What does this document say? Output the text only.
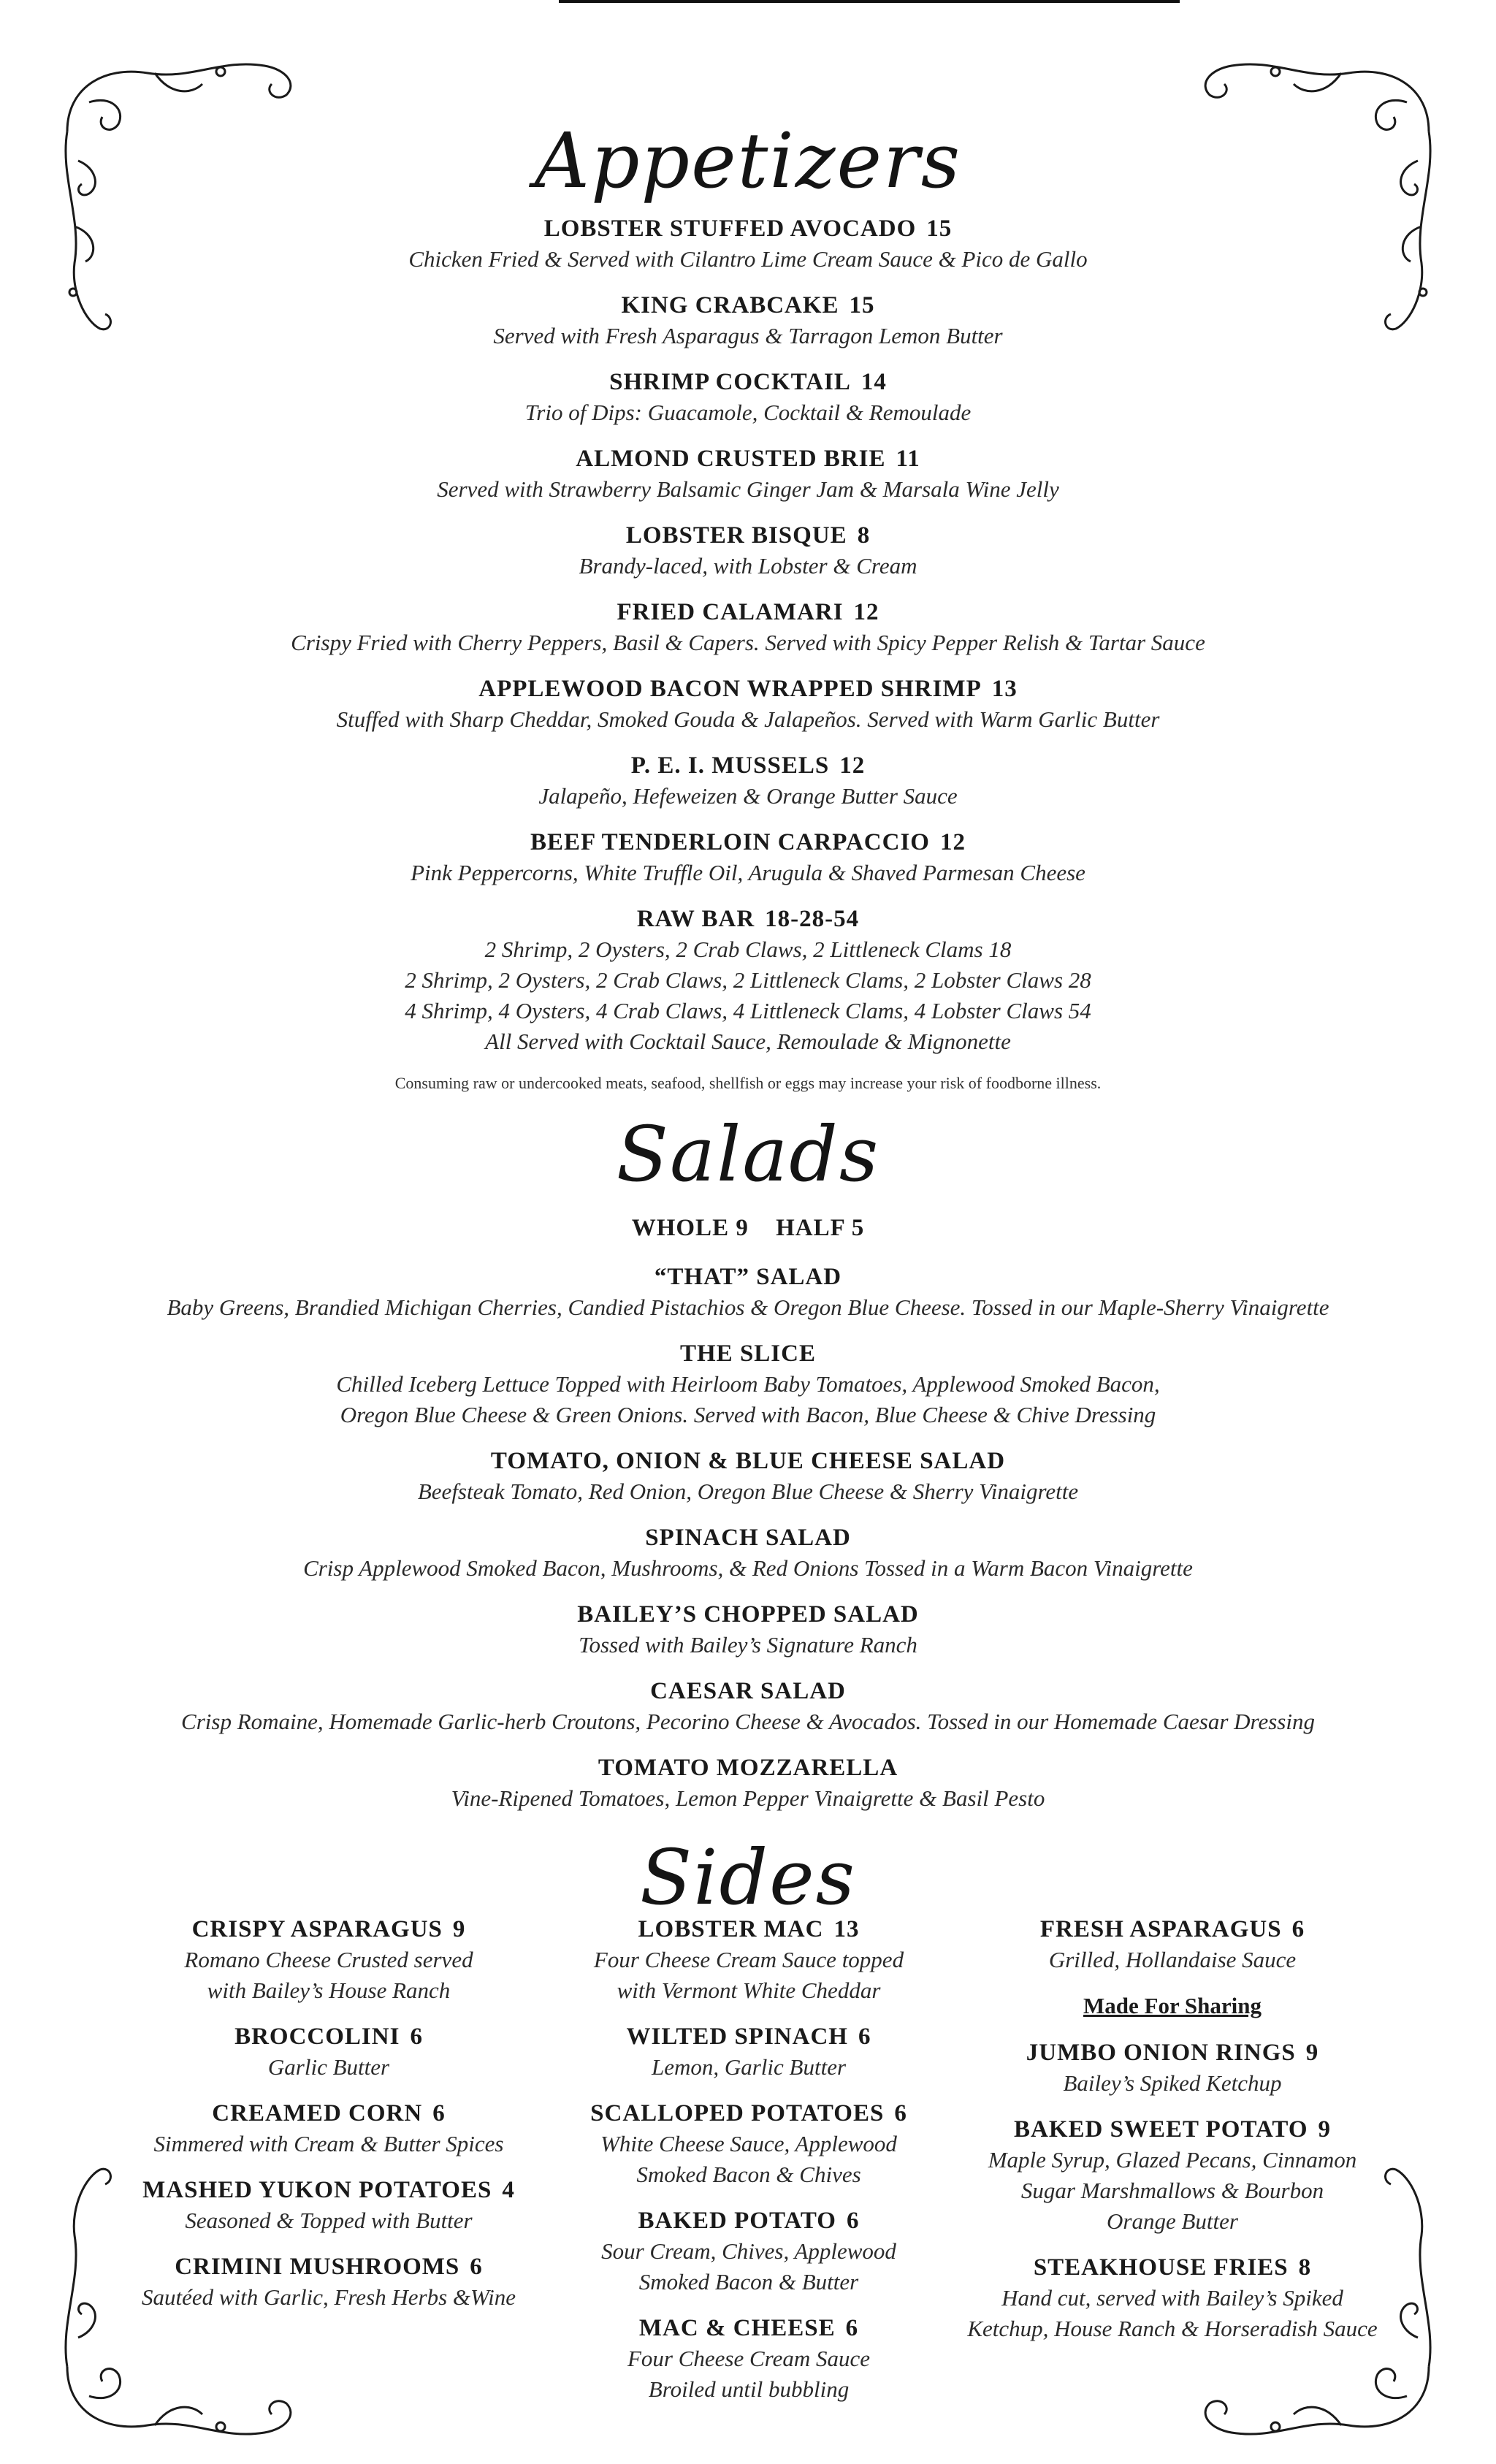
Appetizers
LOBSTER STUFFED AVOCADO 15
Chicken Fried & Served with Cilantro Lime Cream Sauce & Pico de Gallo
KING CRABCAKE 15
Served with Fresh Asparagus & Tarragon Lemon Butter
SHRIMP COCKTAIL 14
Trio of Dips: Guacamole, Cocktail & Remoulade
ALMOND CRUSTED BRIE 11
Served with Strawberry Balsamic Ginger Jam & Marsala Wine Jelly
LOBSTER BISQUE 8
Brandy-laced, with Lobster & Cream
FRIED CALAMARI 12
Crispy Fried with Cherry Peppers, Basil & Capers. Served with Spicy Pepper Relish & Tartar Sauce
APPLEWOOD BACON WRAPPED SHRIMP 13
Stuffed with Sharp Cheddar, Smoked Gouda & Jalapeños. Served with Warm Garlic Butter
P. E. I. MUSSELS 12
Jalapeño, Hefeweizen & Orange Butter Sauce
BEEF TENDERLOIN CARPACCIO 12
Pink Peppercorns, White Truffle Oil, Arugula & Shaved Parmesan Cheese
RAW BAR 18-28-54
2 Shrimp, 2 Oysters, 2 Crab Claws, 2 Littleneck Clams 18
2 Shrimp, 2 Oysters, 2 Crab Claws, 2 Littleneck Clams, 2 Lobster Claws 28
4 Shrimp, 4 Oysters, 4 Crab Claws, 4 Littleneck Clams, 4 Lobster Claws 54
All Served with Cocktail Sauce, Remoulade & Mignonette
Consuming raw or undercooked meats, seafood, shellfish or eggs may increase your risk of foodborne illness.
Salads
WHOLE 9 HALF 5
“THAT” SALAD
Baby Greens, Brandied Michigan Cherries, Candied Pistachios & Oregon Blue Cheese. Tossed in our Maple-Sherry Vinaigrette
THE SLICE
Chilled Iceberg Lettuce Topped with Heirloom Baby Tomatoes, Applewood Smoked Bacon,
Oregon Blue Cheese & Green Onions. Served with Bacon, Blue Cheese & Chive Dressing
TOMATO, ONION & BLUE CHEESE SALAD
Beefsteak Tomato, Red Onion, Oregon Blue Cheese & Sherry Vinaigrette
SPINACH SALAD
Crisp Applewood Smoked Bacon, Mushrooms, & Red Onions Tossed in a Warm Bacon Vinaigrette
BAILEY’S CHOPPED SALAD
Tossed with Bailey’s Signature Ranch
CAESAR SALAD
Crisp Romaine, Homemade Garlic-herb Croutons, Pecorino Cheese & Avocados. Tossed in our Homemade Caesar Dressing
TOMATO MOZZARELLA
Vine-Ripened Tomatoes, Lemon Pepper Vinaigrette & Basil Pesto
Sides
CRISPY ASPARAGUS 9
Romano Cheese Crusted served
with Bailey’s House Ranch
BROCCOLINI 6
Garlic Butter
CREAMED CORN 6
Simmered with Cream & Butter Spices
MASHED YUKON POTATOES 4
Seasoned & Topped with Butter
CRIMINI MUSHROOMS 6
Sautéed with Garlic, Fresh Herbs &Wine
LOBSTER MAC 13
Four Cheese Cream Sauce topped
with Vermont White Cheddar
WILTED SPINACH 6
Lemon, Garlic Butter
SCALLOPED POTATOES 6
White Cheese Sauce, Applewood
Smoked Bacon & Chives
BAKED POTATO 6
Sour Cream, Chives, Applewood
Smoked Bacon & Butter
MAC & CHEESE 6
Four Cheese Cream Sauce
Broiled until bubbling
FRESH ASPARAGUS 6
Grilled, Hollandaise Sauce
Made For Sharing
JUMBO ONION RINGS 9
Bailey’s Spiked Ketchup
BAKED SWEET POTATO 9
Maple Syrup, Glazed Pecans, Cinnamon
Sugar Marshmallows & Bourbon
Orange Butter
STEAKHOUSE FRIES 8
Hand cut, served with Bailey’s Spiked
Ketchup, House Ranch & Horseradish Sauce
